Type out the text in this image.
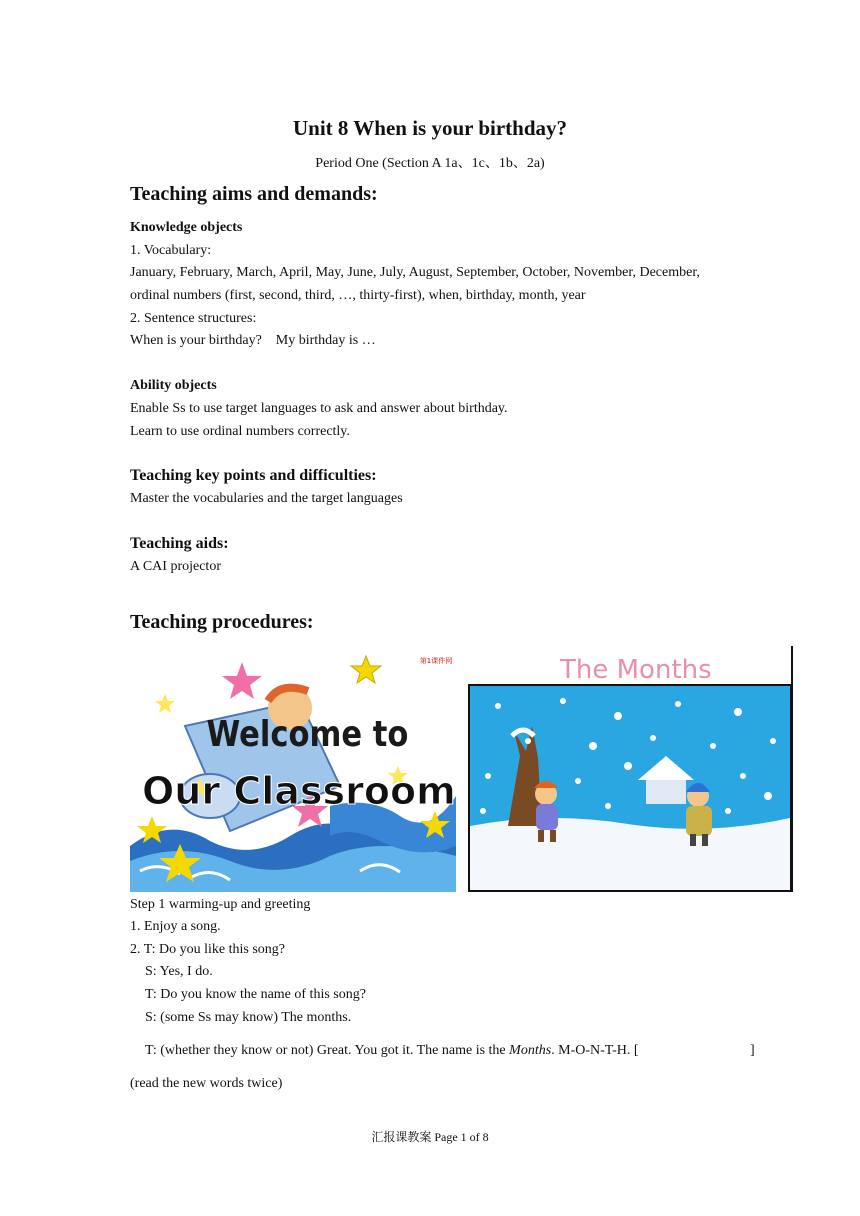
Unit 8 When is your birthday?
Period One (Section A 1a、1c、1b、2a)
Teaching aims and demands:
Knowledge objects
1. Vocabulary:
January, February, March, April, May, June, July, August, September, October, November, December,
ordinal numbers (first, second, third, …, thirty-first), when, birthday, month, year
2. Sentence structures:
When is your birthday?    My birthday is …
Ability objects
Enable Ss to use target languages to ask and answer about birthday.
Learn to use ordinal numbers correctly.
Teaching key points and difficulties:
Master the vocabularies and the target languages
Teaching aids:
A CAI projector
Teaching procedures:
第1课件网
Welcome to
Our Classroom
The Months
Step 1 warming-up and greeting
1. Enjoy a song.
2. T: Do you like this song?
S: Yes, I do.
T: Do you know the name of this song?
S: (some Ss may know) The months.
T: (whether they know or not) Great. You got it. The name is the Months. M-O-N-T-H. [	]
(read the new words twice)
汇报课教案 Page 1 of 8
